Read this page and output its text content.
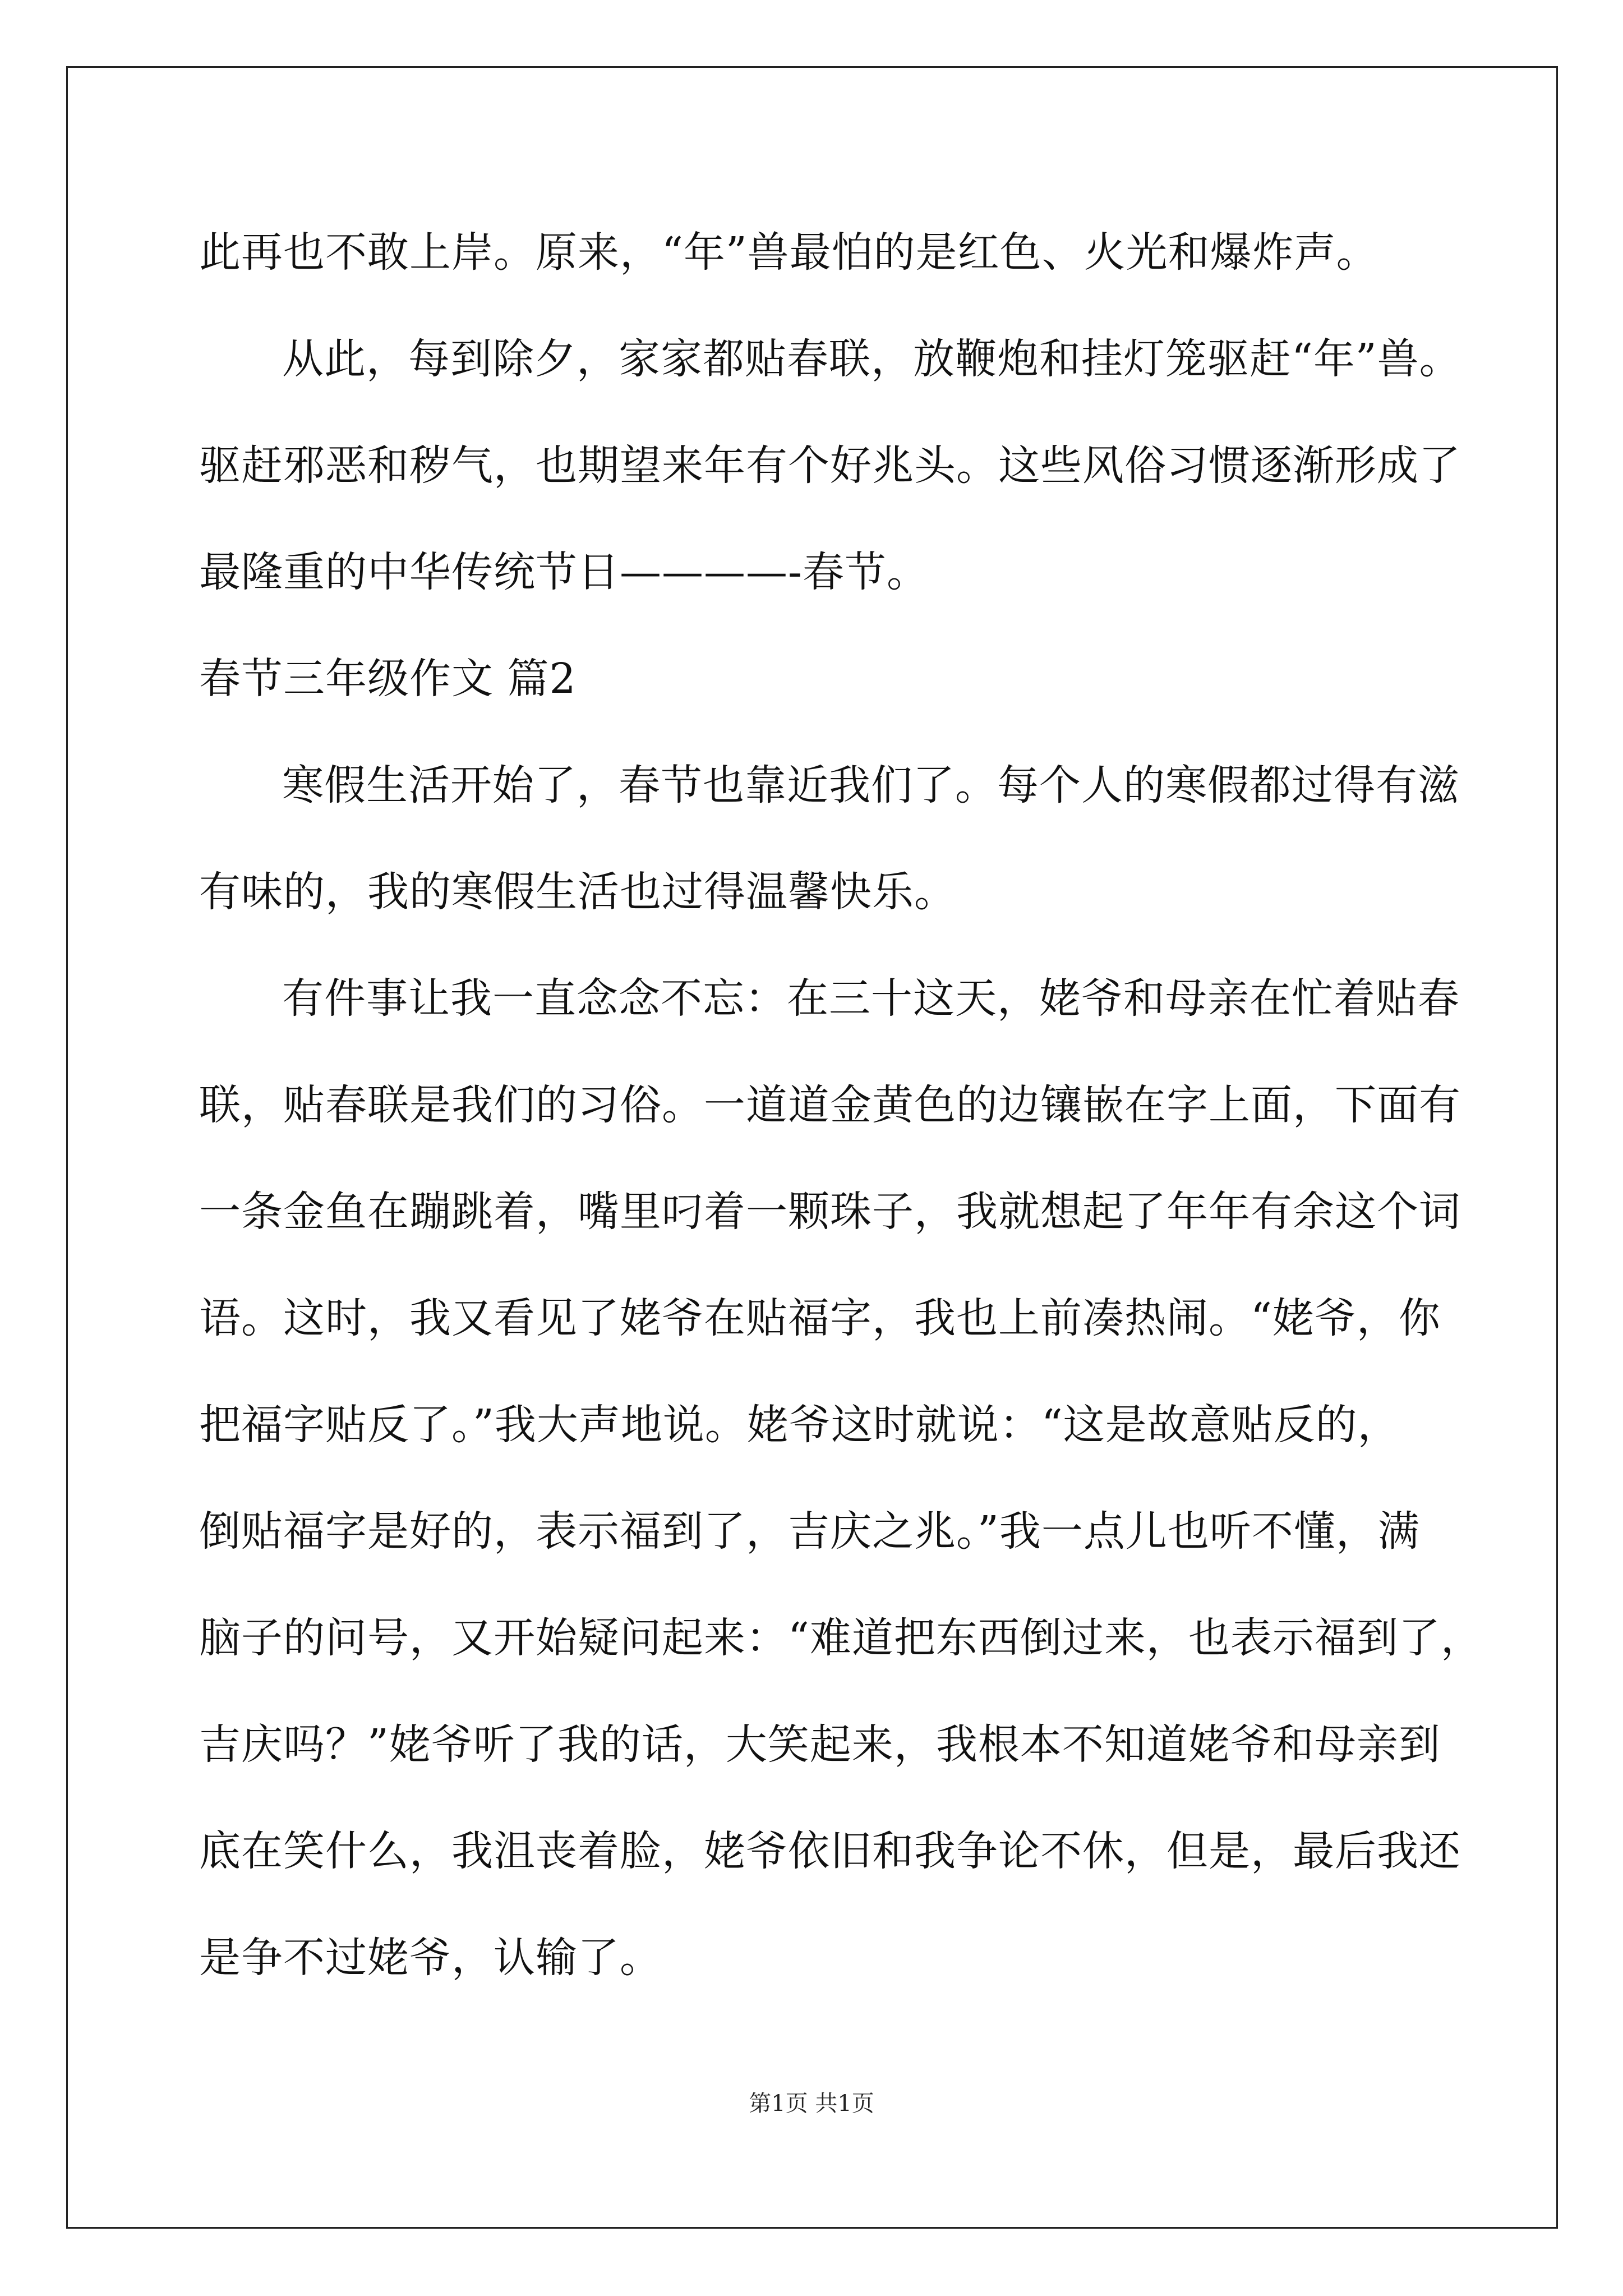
此再也不敢上岸。原来，“年”兽最怕的是红色、火光和爆炸声。
从此，每到除夕，家家都贴春联，放鞭炮和挂灯笼驱赶“年”兽。
驱赶邪恶和秽气，也期望来年有个好兆头。这些风俗习惯逐渐形成了
最隆重的中华传统节日————-春节。
春节三年级作文 篇2
寒假生活开始了，春节也靠近我们了。每个人的寒假都过得有滋
有味的，我的寒假生活也过得温馨快乐。
有件事让我一直念念不忘：在三十这天，姥爷和母亲在忙着贴春
联，贴春联是我们的习俗。一道道金黄色的边镶嵌在字上面，下面有
一条金鱼在蹦跳着，嘴里叼着一颗珠子，我就想起了年年有余这个词
语。这时，我又看见了姥爷在贴福字，我也上前凑热闹。“姥爷，你
把福字贴反了。”我大声地说。姥爷这时就说：“这是故意贴反的，
倒贴福字是好的，表示福到了，吉庆之兆。”我一点儿也听不懂，满
脑子的问号，又开始疑问起来：“难道把东西倒过来，也表示福到了，
吉庆吗？”姥爷听了我的话，大笑起来，我根本不知道姥爷和母亲到
底在笑什么，我沮丧着脸，姥爷依旧和我争论不休，但是，最后我还
是争不过姥爷，认输了。
第1页 共1页
